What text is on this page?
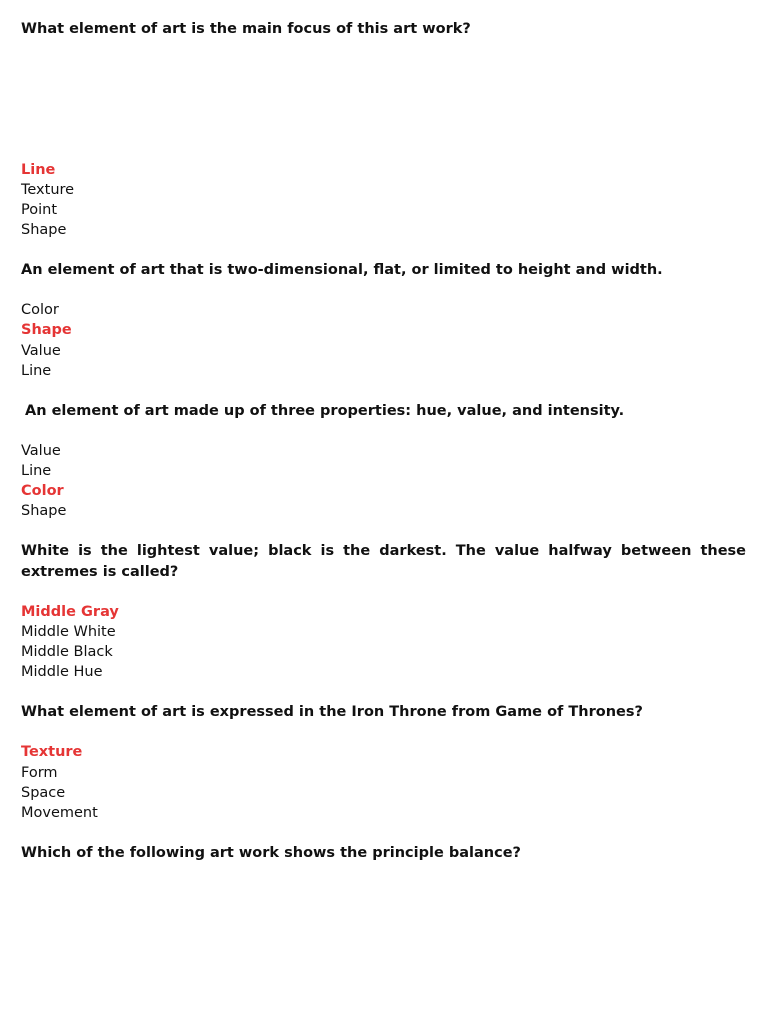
What element of art is the main focus of this art work?

Line

Texture

Point

Shape

An element of art that is two-dimensional, flat, or limited to height and width.

Color

Shape

Value

Line

An element of art made up of three properties: hue, value, and intensity.

Value

Line

Color

Shape

White is the lightest value; black is the darkest. The value halfway between these extremes is called?

Middle Gray

Middle White

Middle Black

Middle Hue

What element of art is expressed in the Iron Throne from Game of Thrones?

Texture

Form

Space

Movement

Which of the following art work shows the principle balance?
